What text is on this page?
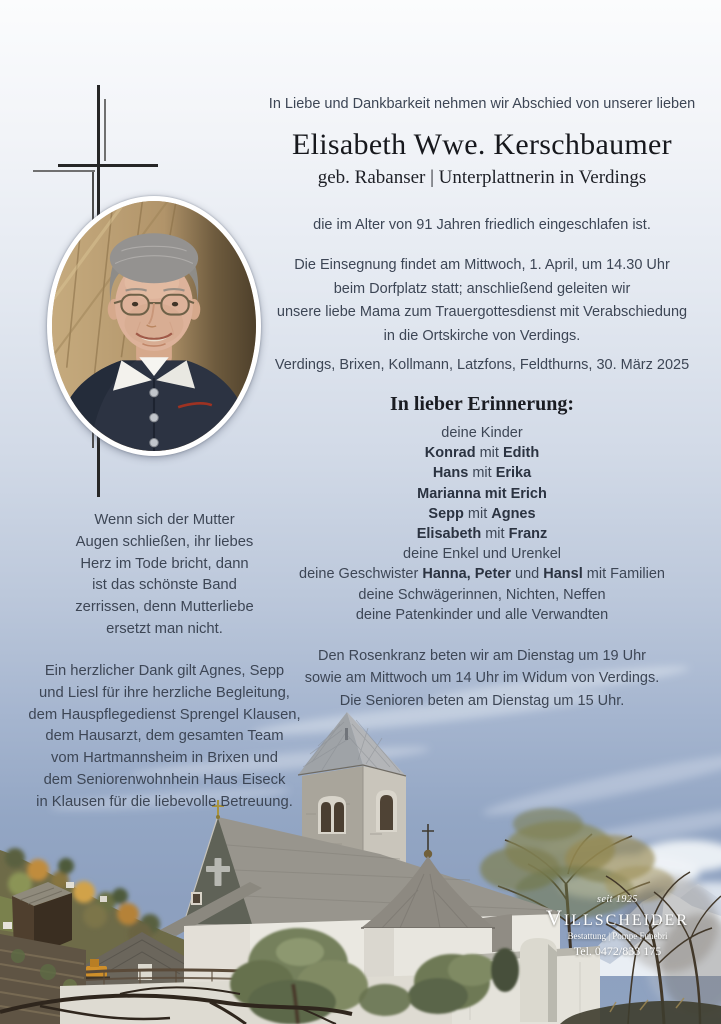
Wenn sich der Mutter
Augen schließen, ihr liebes
Herz im Tode bricht, dann
ist das schönste Band
zerrissen, denn Mutterliebe
ersetzt man nicht.
Ein herzlicher Dank gilt Agnes, Sepp
und Liesl für ihre herzliche Begleitung,
dem Hauspflegedienst Sprengel Klausen,
dem Hausarzt, dem gesamten Team
vom Hartmannsheim in Brixen und
dem Seniorenwohnhein Haus Eiseck
in Klausen für die liebevolle Betreuung.
In Liebe und Dankbarkeit nehmen wir Abschied von unserer lieben
Elisabeth Wwe. Kerschbaumer
geb. Rabanser | Unterplattnerin in Verdings
die im Alter von 91 Jahren friedlich eingeschlafen ist.
Die Einsegnung findet am Mittwoch, 1. April, um 14.30 Uhr
beim Dorfplatz statt; anschließend geleiten wir
unsere liebe Mama zum Trauergottesdienst mit Verabschiedung
in die Ortskirche von Verdings.
Verdings, Brixen, Kollmann, Latzfons, Feldthurns, 30. März 2025
In lieber Erinnerung:
deine Kinder
Konrad mit Edith
Hans mit Erika
Marianna mit Erich
Sepp mit Agnes
Elisabeth mit Franz
deine Enkel und Urenkel
deine Geschwister Hanna, Peter und Hansl mit Familien
deine Schwägerinnen, Nichten, Neffen
deine Patenkinder und alle Verwandten
Den Rosenkranz beten wir am Dienstag um 19 Uhr
sowie am Mittwoch um 14 Uhr im Widum von Verdings.
Die Senioren beten am Dienstag um 15 Uhr.
seit 1925
VILLSCHEIDER
Bestattung | Pompe Funebri
Tel. 0472/833 175
